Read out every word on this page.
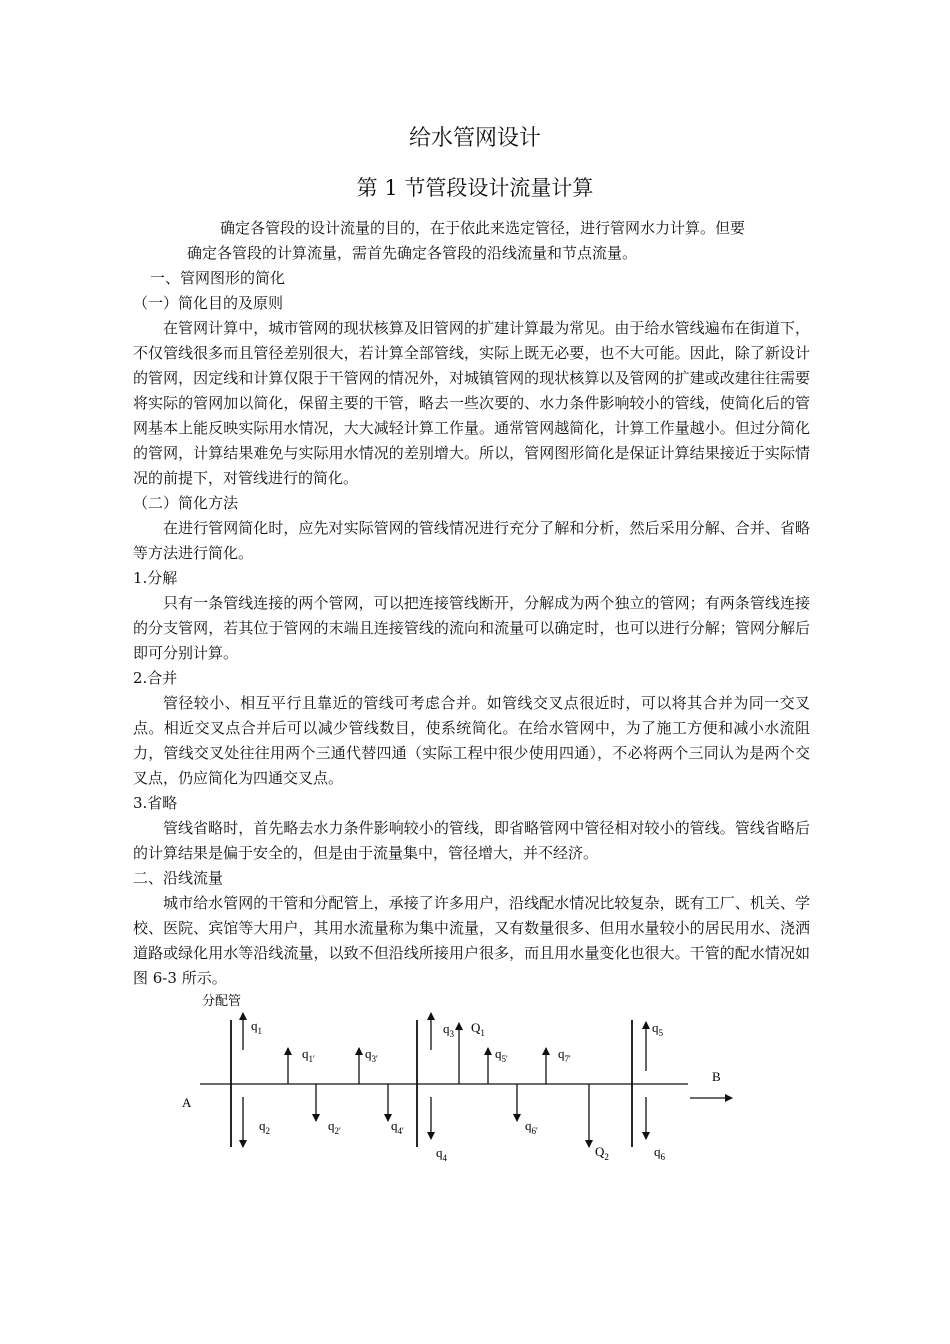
给水管网设计
第 1 节管段设计流量计算
确定各管段的设计流量的目的，在于依此来选定管径，进行管网水力计算。但要
确定各管段的计算流量，需首先确定各管段的沿线流量和节点流量。
一、管网图形的简化
（一）简化目的及原则

在管网计算中，城市管网的现状核算及旧管网的扩建计算最为常见。由于给水管线遍布在街道下，不仅管线很多而且管径差别很大，若计算全部管线，实际上既无必要，也不大可能。因此，除了新设计的管网，因定线和计算仅限于干管网的情况外，对城镇管网的现状核算以及管网的扩建或改建往往需要将实际的管网加以简化，保留主要的干管，略去一些次要的、水力条件影响较小的管线，使简化后的管网基本上能反映实际用水情况，大大减轻计算工作量。通常管网越简化，计算工作量越小。但过分简化的管网，计算结果难免与实际用水情况的差别增大。所以，管网图形简化是保证计算结果接近于实际情况的前提下，对管线进行的简化。

（二）简化方法

在进行管网简化时，应先对实际管网的管线情况进行充分了解和分析，然后采用分解、合并、省略等方法进行简化。

1.分解

只有一条管线连接的两个管网，可以把连接管线断开，分解成为两个独立的管网；有两条管线连接的分支管网，若其位于管网的末端且连接管线的流向和流量可以确定时，也可以进行分解；管网分解后即可分别计算。

2.合并

管径较小、相互平行且靠近的管线可考虑合并。如管线交叉点很近时，可以将其合并为同一交叉点。相近交叉点合并后可以减少管线数目，使系统简化。在给水管网中，为了施工方便和减小水流阻力，管线交叉处往往用两个三通代替四通（实际工程中很少使用四通），不必将两个三同认为是两个交叉点，仍应简化为四通交叉点。

3.省略

管线省略时，首先略去水力条件影响较小的管线，即省略管网中管径相对较小的管线。管线省略后的计算结果是偏于安全的，但是由于流量集中，管径增大，并不经济。

二、沿线流量

城市给水管网的干管和分配管上，承接了许多用户，沿线配水情况比较复杂，既有工厂、机关、学校、医院、宾馆等大用户，其用水流量称为集中流量，又有数量很多、但用水量较小的居民用水、浇洒道路或绿化用水等沿线流量，以致不但沿线所接用户很多，而且用水量变化也很大。干管的配水情况如图 6-3 所示。

分配管
A
B
$q_1$
$q_2$
$q_{1'}$
$q_{2'}$
$q_{3'}$
$q_{4'}$
$q_3$ $Q_1$
$q_4$
$q_{5'}$
$q_{6'}$
$q_{7'}$
$Q_2$
$q_5$
$q_6$
